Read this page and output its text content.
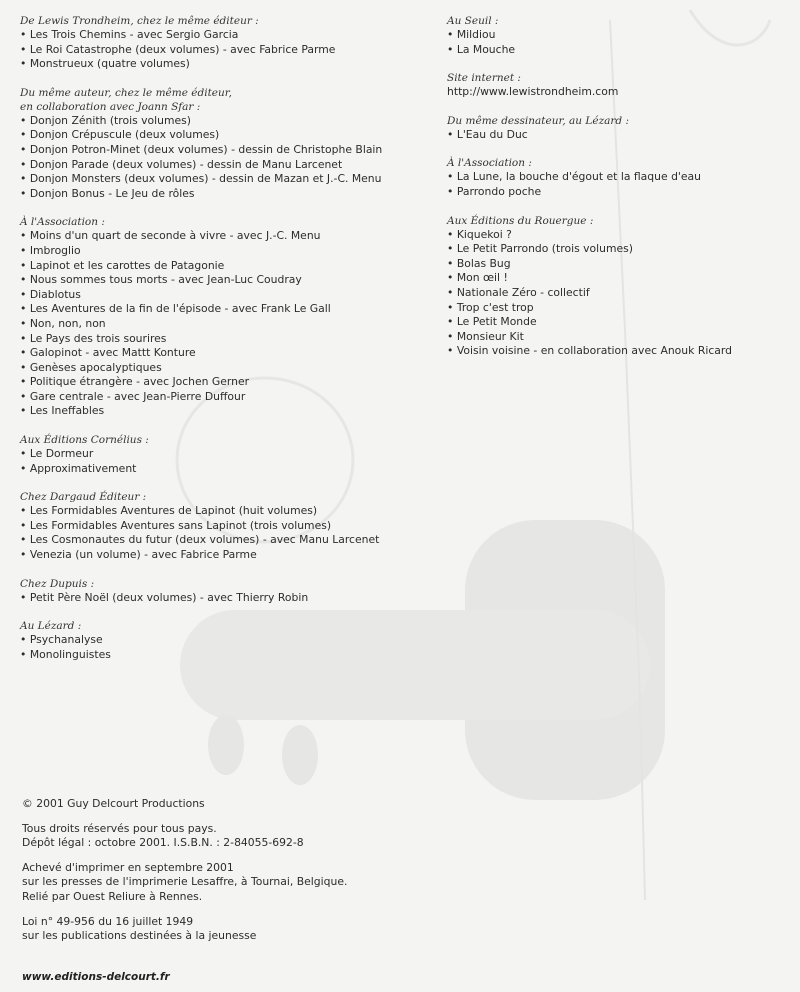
De Lewis Trondheim, chez le même éditeur :
• Les Trois Chemins - avec Sergio Garcia
• Le Roi Catastrophe (deux volumes) - avec Fabrice Parme
• Monstrueux (quatre volumes)
Du même auteur, chez le même éditeur,
en collaboration avec Joann Sfar :
• Donjon Zénith (trois volumes)
• Donjon Crépuscule (deux volumes)
• Donjon Potron-Minet (deux volumes) - dessin de Christophe Blain
• Donjon Parade (deux volumes) - dessin de Manu Larcenet
• Donjon Monsters (deux volumes) - dessin de Mazan et J.-C. Menu
• Donjon Bonus - Le Jeu de rôles
À l'Association :
• Moins d'un quart de seconde à vivre - avec J.-C. Menu
• Imbroglio
• Lapinot et les carottes de Patagonie
• Nous sommes tous morts - avec Jean-Luc Coudray
• Diablotus
• Les Aventures de la fin de l'épisode - avec Frank Le Gall
• Non, non, non
• Le Pays des trois sourires
• Galopinot - avec Mattt Konture
• Genèses apocalyptiques
• Politique étrangère - avec Jochen Gerner
• Gare centrale - avec Jean-Pierre Duffour
• Les Ineffables
Aux Éditions Cornélius :
• Le Dormeur
• Approximativement
Chez Dargaud Éditeur :
• Les Formidables Aventures de Lapinot (huit volumes)
• Les Formidables Aventures sans Lapinot (trois volumes)
• Les Cosmonautes du futur (deux volumes) - avec Manu Larcenet
• Venezia (un volume) - avec Fabrice Parme
Chez Dupuis :
• Petit Père Noël (deux volumes) - avec Thierry Robin
Au Lézard :
• Psychanalyse
• Monolinguistes
Au Seuil :
• Mildiou
• La Mouche
Site internet :
http://www.lewistrondheim.com
Du même dessinateur, au Lézard :
• L'Eau du Duc
À l'Association :
• La Lune, la bouche d'égout et la flaque d'eau
• Parrondo poche
Aux Éditions du Rouergue :
• Kiquekoi ?
• Le Petit Parrondo (trois volumes)
• Bolas Bug
• Mon œil !
• Nationale Zéro - collectif
• Trop c'est trop
• Le Petit Monde
• Monsieur Kit
• Voisin voisine - en collaboration avec Anouk Ricard
© 2001 Guy Delcourt Productions
Tous droits réservés pour tous pays.
Dépôt légal : octobre 2001. I.S.B.N. : 2-84055-692-8
Achevé d'imprimer en septembre 2001
sur les presses de l'imprimerie Lesaffre, à Tournai, Belgique.
Relié par Ouest Reliure à Rennes.
Loi n° 49-956 du 16 juillet 1949
sur les publications destinées à la jeunesse
www.editions-delcourt.fr
